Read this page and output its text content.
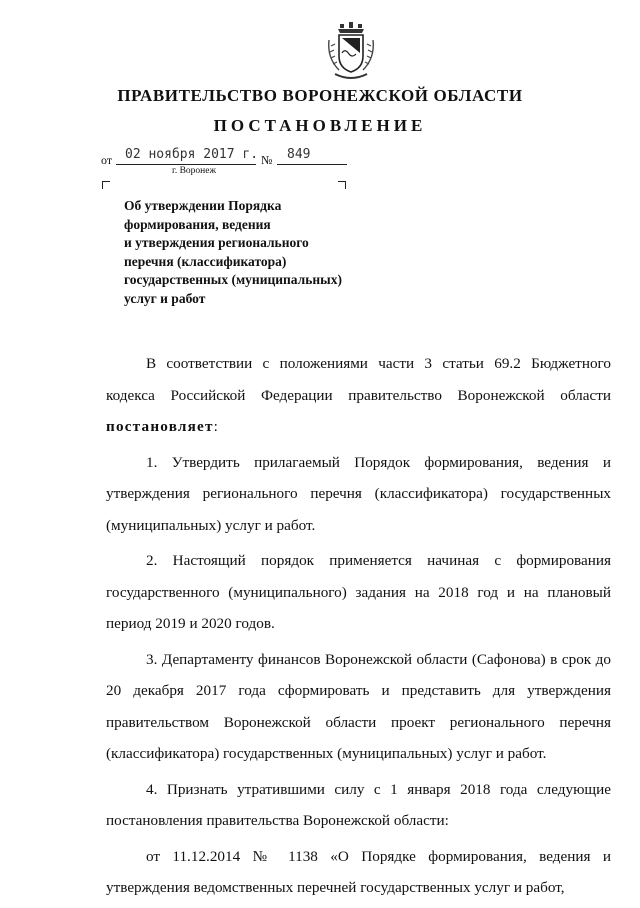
ПРАВИТЕЛЬСТВО ВОРОНЕЖСКОЙ ОБЛАСТИ
ПОСТАНОВЛЕНИЕ
от 02 ноября 2017 г. № 849
г. Воронеж
Об утверждении Порядка
формирования, ведения
и утверждения регионального
перечня (классификатора)
государственных (муниципальных)
услуг и работ

В соответствии с положениями части 3 статьи 69.2 Бюджетного кодекса Российской Федерации правительство Воронежской области постановляет:

1. Утвердить прилагаемый Порядок формирования, ведения и утверждения регионального перечня (классификатора) государственных (муниципальных) услуг и работ.

2. Настоящий порядок применяется начиная с формирования государственного (муниципального) задания на 2018 год и на плановый период 2019 и 2020 годов.

3. Департаменту финансов Воронежской области (Сафонова) в срок до 20 декабря 2017 года сформировать и представить для утверждения правительством Воронежской области проект регионального перечня (классификатора) государственных (муниципальных) услуг и работ.

4. Признать утратившими силу с 1 января 2018 года следующие постановления правительства Воронежской области:

от 11.12.2014 № 1138 «О Порядке формирования, ведения и утверждения ведомственных перечней государственных услуг и работ,
